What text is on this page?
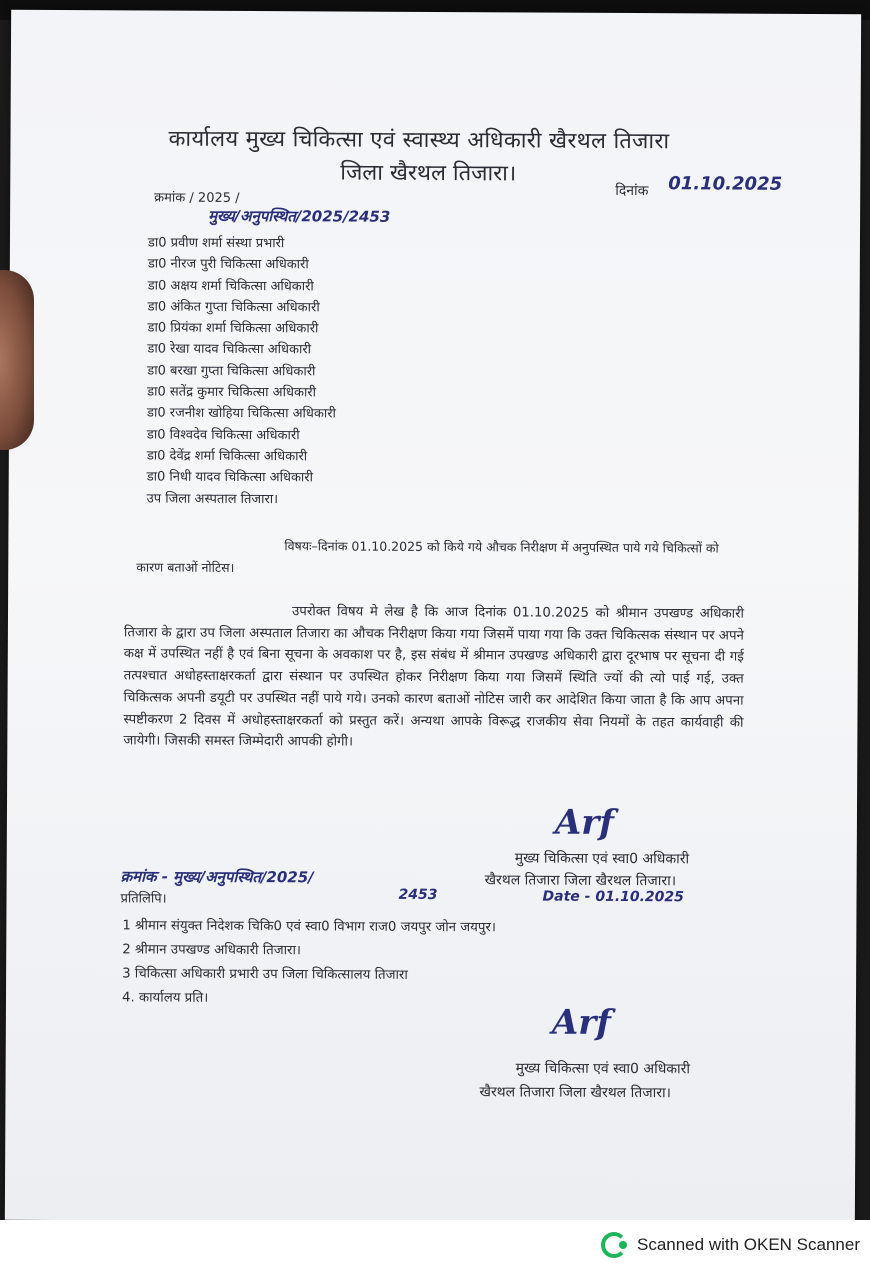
कार्यालय मुख्य चिकित्सा एवं स्वास्थ्य अधिकारी खैरथल तिजारा
जिला खैरथल तिजारा।
दिनांक 01.10.2025
क्रमांक / 2025 /
मुख्य/अनुपस्थित/2025/2453
डा0 प्रवीण शर्मा संस्था प्रभारी
डा0 नीरज पुरी चिकित्सा अधिकारी
डा0 अक्षय शर्मा चिकित्सा अधिकारी
डा0 अंकित गुप्ता चिकित्सा अधिकारी
डा0 प्रियंका शर्मा चिकित्सा अधिकारी
डा0 रेखा यादव चिकित्सा अधिकारी
डा0 बरखा गुप्ता चिकित्सा अधिकारी
डा0 सतेंद्र कुमार चिकित्सा अधिकारी
डा0 रजनीश खोहिया चिकित्सा अधिकारी
डा0 विश्वदेव चिकित्सा अधिकारी
डा0 देवेंद्र शर्मा चिकित्सा अधिकारी
डा0 निधी यादव चिकित्सा अधिकारी
उप जिला अस्पताल तिजारा।
विषयः–दिनांक 01.10.2025 को किये गये औचक निरीक्षण में अनुपस्थित पाये गये चिकित्सों को कारण बताओं नोटिस।
उपरोक्त विषय मे लेख है कि आज दिनांक 01.10.2025 को श्रीमान उपखण्ड अधिकारी तिजारा के द्वारा उप जिला अस्पताल तिजारा का औचक निरीक्षण किया गया जिसमें पाया गया कि उक्त चिकित्सक संस्थान पर अपने कक्ष में उपस्थित नहीं है एवं बिना सूचना के अवकाश पर है, इस संबंध में श्रीमान उपखण्ड अधिकारी द्वारा दूरभाष पर सूचना दी गई तत्पश्चात अधोहस्ताक्षरकर्ता द्वारा संस्थान पर उपस्थित होकर निरीक्षण किया गया जिसमें स्थिति ज्यों की त्यो पाई गई, उक्त चिकित्सक अपनी डयूटी पर उपस्थित नहीं पाये गये। उनको कारण बताओं नोटिस जारी कर आदेशित किया जाता है कि आप अपना स्पष्टीकरण 2 दिवस में अधोहस्ताक्षरकर्ता को प्रस्तुत करें। अन्यथा आपके विरूद्ध राजकीय सेवा नियमों के तहत कार्यवाही की जायेगी। जिसकी समस्त जिम्मेदारी आपकी होगी।
Arf
मुख्य चिकित्सा एवं स्वा0 अधिकारी
खैरथल तिजारा जिला खैरथल तिजारा।
Date - 01.10.2025
क्रमांक - मुख्य/अनुपस्थित/2025/
2453
प्रतिलिपि।
1 श्रीमान संयुक्त निदेशक चिकि0 एवं स्वा0 विभाग राज0 जयपुर जोन जयपुर।
2 श्रीमान उपखण्ड अधिकारी तिजारा।
3 चिकित्सा अधिकारी प्रभारी उप जिला चिकित्सालय तिजारा
4. कार्यालय प्रति।
Arf
मुख्य चिकित्सा एवं स्वा0 अधिकारी
खैरथल तिजारा जिला खैरथल तिजारा।
Scanned with OKEN Scanner
